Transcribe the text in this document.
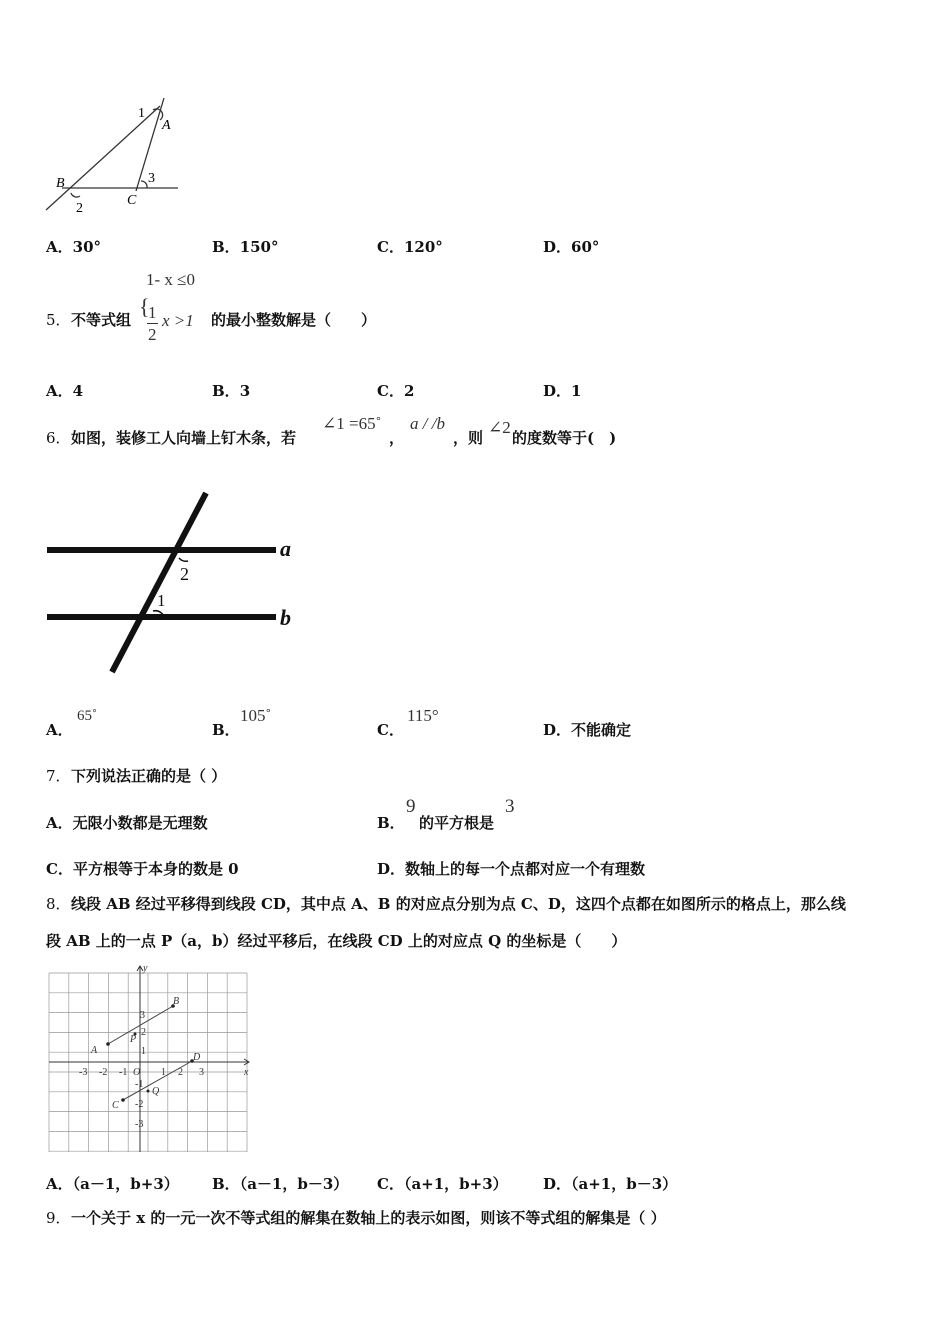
1
A
B	3
C
2
A．30°	B．150°	C．120°	D．60°
1- x ≤0
5． 不等式组
{
1
2
x >1 的最小整数解是（　　）
A．4	B．3	C．2	D．1
6． 如图，装修工人向墙上钉木条，若
∠1 =65˚
，
a / /b
，则
∠2
的度数等于(　)
a
b
2
1
A．
65˚
B．
105˚
C．
115°
D．不能确定
7． 下列说法正确的是（ ）
A．无限小数都是无理数	B．
9
的平方根是
3
C．平方根等于本身的数是 0	D．数轴上的每一个点都对应一个有理数
8． 线段 AB 经过平移得到线段 CD，其中点 A、B 的对应点分别为点 C、D，这四个点都在如图所示的格点上，那么线
段 AB 上的一点 P（a，b）经过平移后，在线段 CD 上的对应点 Q 的坐标是（　　）
x
y
O
-3 -2 -1	1 2 3
3
2
1
-1
-2
-3
A
B
P
C
D
Q
A．（a－1，b+3） B．（a－1，b－3） C．（a+1，b+3） D．（a+1，b－3）
9． 一个关于 x 的一元一次不等式组的解集在数轴上的表示如图，则该不等式组的解集是（ ）
